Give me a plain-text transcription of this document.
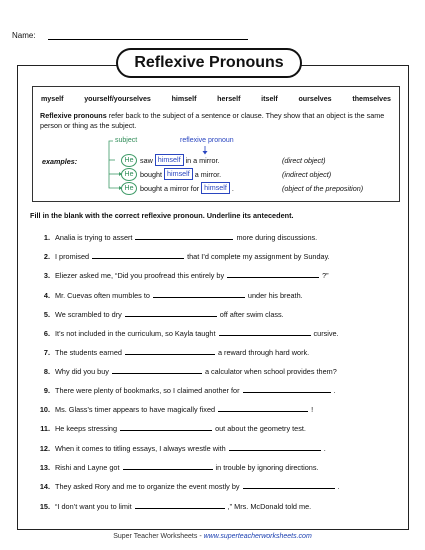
Name:
Reflexive Pronouns
myself	yourself/yourselves	himself	herself	itself	ourselves	themselves
Reflexive pronouns refer back to the subject of a sentence or clause. They show that an object is the same person or thing as the subject.
subject	reflexive pronoun
examples:	He saw himself in a mirror.	(direct object)
He bought himself a mirror.	(indirect object)
He bought a mirror for himself .	(object of the preposition)
Fill in the blank with the correct reflexive pronoun. Underline its antecedent.
1. Analia is trying to assert	more during discussions.
2. I promised	that I’d complete my assignment by Sunday.
3. Eliezer asked me, “Did you proofread this entirely by	?”
4. Mr. Cuevas often mumbles to	under his breath.
5. We scrambled to dry	off after swim class.
6. It’s not included in the curriculum, so Kayla taught	cursive.
7. The students earned	a reward through hard work.
8. Why did you buy	a calculator when school provides them?
9. There were plenty of bookmarks, so I claimed another for	.
10. Ms. Glass’s timer appears to have magically fixed	!
11. He keeps stressing	out about the geometry test.
12. When it comes to titling essays, I always wrestle with	.
13. Rishi and Layne got	in trouble by ignoring directions.
14. They asked Rory and me to organize the event mostly by	.
15. “I don’t want you to limit	,” Mrs. McDonald told me.
Super Teacher Worksheets - www.superteacherworksheets.com
